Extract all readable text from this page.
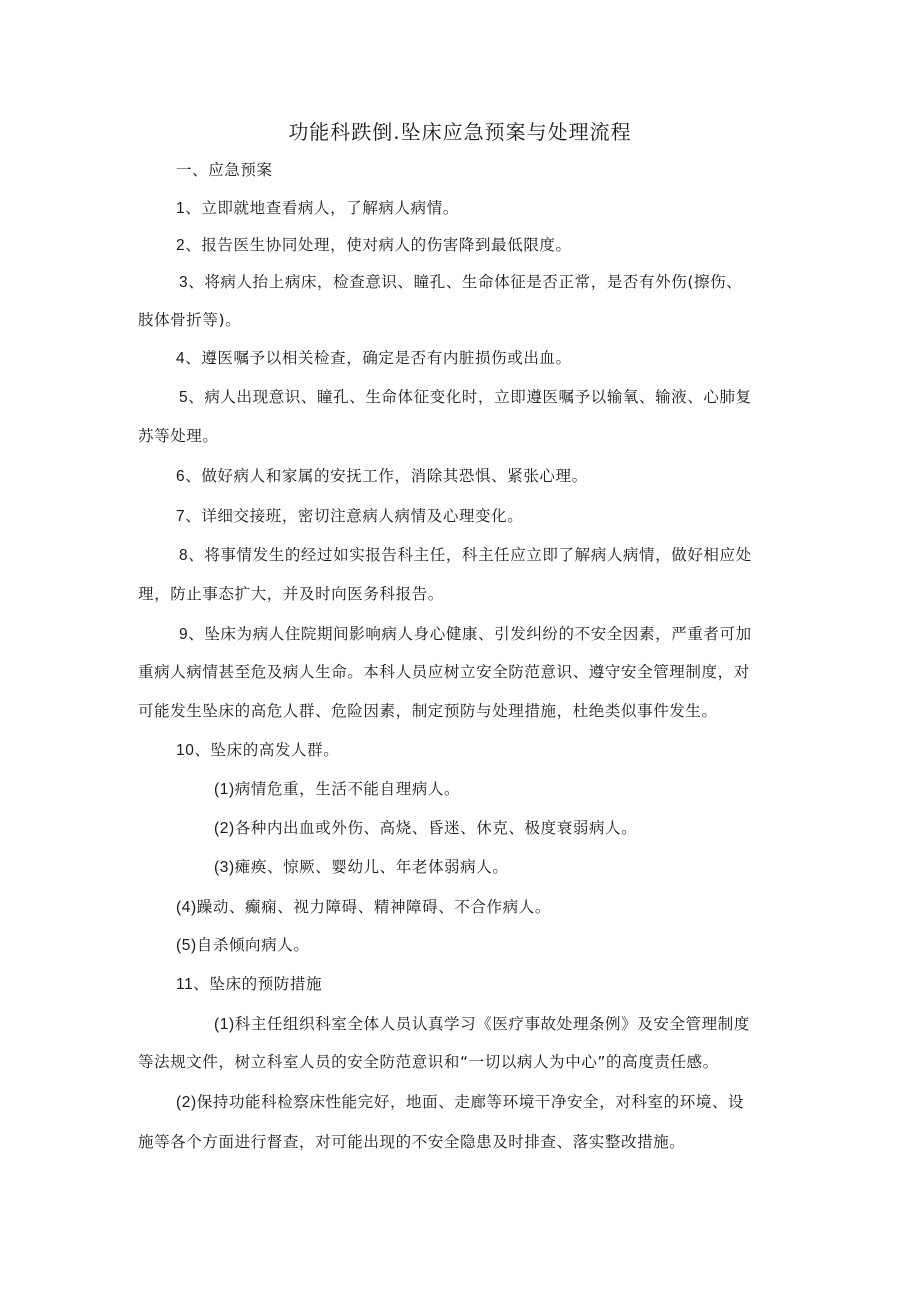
功能科跌倒.坠床应急预案与处理流程
一、应急预案
1、立即就地查看病人，了解病人病情。
2、报告医生协同处理，使对病人的伤害降到最低限度。
3、将病人抬上病床，检查意识、瞳孔、生命体征是否正常，是否有外伤(擦伤、
肢体骨折等)。
4、遵医嘱予以相关检查，确定是否有内脏损伤或出血。
5、病人出现意识、瞳孔、生命体征变化时，立即遵医嘱予以输氧、输液、心肺复
苏等处理。
6、做好病人和家属的安抚工作，消除其恐惧、紧张心理。
7、详细交接班，密切注意病人病情及心理变化。
8、将事情发生的经过如实报告科主任，科主任应立即了解病人病情，做好相应处
理，防止事态扩大，并及时向医务科报告。
9、坠床为病人住院期间影响病人身心健康、引发纠纷的不安全因素，严重者可加
重病人病情甚至危及病人生命。本科人员应树立安全防范意识、遵守安全管理制度，对
可能发生坠床的高危人群、危险因素，制定预防与处理措施，杜绝类似事件发生。
10、坠床的高发人群。
(1)病情危重，生活不能自理病人。
(2)各种内出血或外伤、高烧、昏迷、休克、极度衰弱病人。
(3)瘫痪、惊厥、婴幼儿、年老体弱病人。
(4)躁动、癫痫、视力障碍、精神障碍、不合作病人。
(5)自杀倾向病人。
11、坠床的预防措施
(1)科主任组织科室全体人员认真学习《医疗事故处理条例》及安全管理制度
等法规文件，树立科室人员的安全防范意识和“一切以病人为中心”的高度责任感。
(2)保持功能科检察床性能完好，地面、走廊等环境干净安全，对科室的环境、设
施等各个方面进行督查，对可能出现的不安全隐患及时排查、落实整改措施。
